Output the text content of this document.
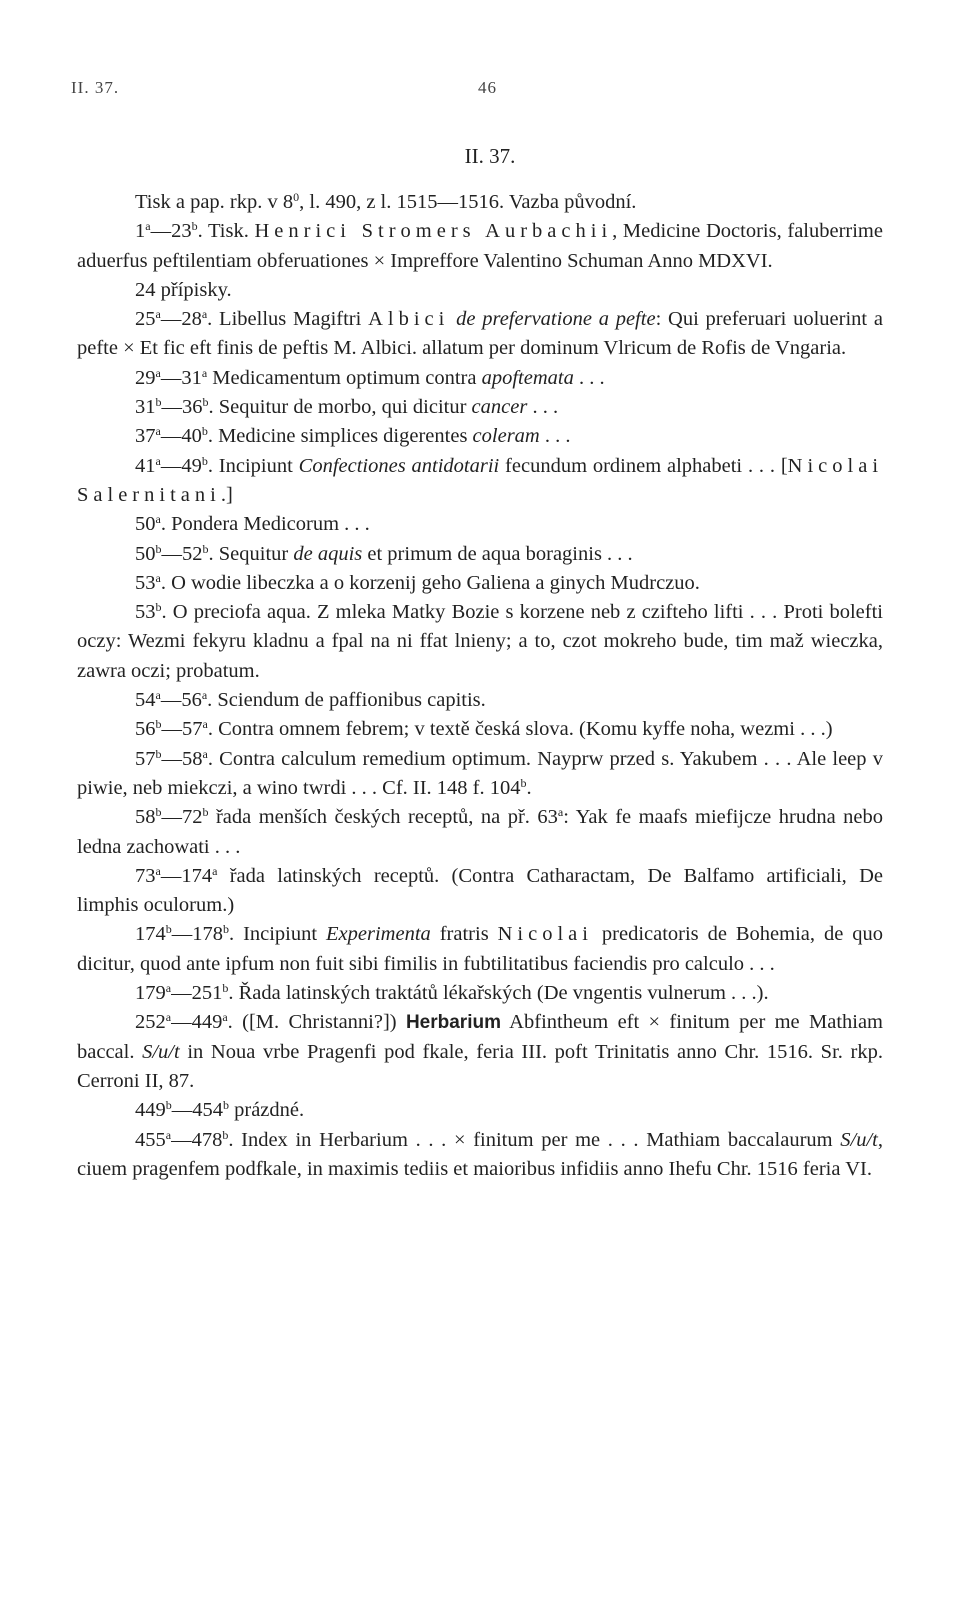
II. 37.	46
II. 37.

Tisk a pap. rkp. v $8^0$, l. 490, z l. 1515—1516. Vazba původní.

1$^a$—23$^b$. Tisk. Henrici Stromers Aurbachii, Medicine Doctoris, faluberrime aduerfus peftilentiam obferuationes × Impreffore Valentino Schuman Anno MDXVI.

24 přípisky.

25$^a$—28$^a$. Libellus Magiftri Albici de prefervatione a pefte: Qui preferuari uoluerint a pefte × Et fic eft finis de peftis M. Albici. allatum per dominum Vlricum de Rofis de Vngaria.

29$^a$—31$^a$ Medicamentum optimum contra apoftemata . . .

31$^b$—36$^b$. Sequitur de morbo, qui dicitur cancer . . .

37$^a$—40$^b$. Medicine simplices digerentes coleram . . .

41$^a$—49$^b$. Incipiunt Confectiones antidotarii fecundum ordinem alphabeti . . . [Nicolai Salernitani.]

50$^a$. Pondera Medicorum . . .

50$^b$—52$^b$. Sequitur de aquis et primum de aqua boraginis . . .

53$^a$. O wodie libeczka a o korzenij geho Galiena a ginych Mudrczuo.

53$^b$. O preciofa aqua. Z mleka Matky Bozie s korzene neb z czifteho lifti . . . Proti bolefti oczy: Wezmi fekyru kladnu a fpal na ni ffat lnieny; a to, czot mokreho bude, tim maž wieczka, zawra oczi; probatum.

54$^a$—56$^a$. Sciendum de paffionibus capitis.

56$^b$—57$^a$. Contra omnem febrem; v textě česká slova. (Komu kyffe noha, wezmi . . .)

57$^b$—58$^a$. Contra calculum remedium optimum. Nayprw przed s. Yakubem . . . Ale leep v piwie, neb miekczi, a wino twrdi . . . Cf. II. 148 f. 104$^b$.

58$^b$—72$^b$ řada menších českých receptů, na př. 63$^a$: Yak fe maafs miefijcze hrudna nebo ledna zachowati . . .

73$^a$—174$^a$ řada latinských receptů. (Contra Catharactam, De Balfamo artificiali, De limphis oculorum.)

174$^b$—178$^b$. Incipiunt Experimenta fratris Nicolai predicatoris de Bohemia, de quo dicitur, quod ante ipfum non fuit sibi fimilis in fubtilitatibus faciendis pro calculo . . .

179$^a$—251$^b$. Řada latinských traktátů lékařských (De vngentis vulnerum . . .).

252$^a$—449$^a$. ([M. Christanni?]) Herbarium Abfintheum eft × finitum per me Mathiam baccal. S/u/t in Noua vrbe Pragenfi pod fkale, feria III. poft Trinitatis anno Chr. 1516. Sr. rkp. Cerroni II, 87.

449$^b$—454$^b$ prázdné.

455$^a$—478$^b$. Index in Herbarium . . . × finitum per me . . . Mathiam baccalaurum S/u/t, ciuem pragenfem podfkale, in maximis tediis et maioribus infidiis anno Ihefu Chr. 1516 feria VI.
